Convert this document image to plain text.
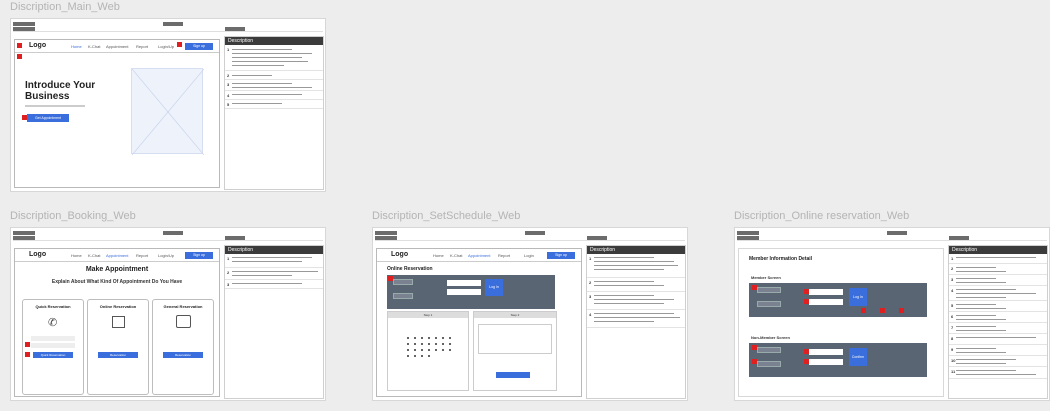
Discription_Main_Web
Logo	Home K-Chat Appointment Report Login/Up	Sign up
Introduce Your Business
Get Appointment
Description
1
2
3
4
5
Discription_Booking_Web
Logo	Home K-Chat Appointment Report Login/Up	Sign up
Make Appointment
Explain About What Kind Of Appointment Do You Have
Quick Reservation
✆
Quick Reservation
Online Reservation
Reservation
General Reservation
Reservation
Description
1
2
3
Discription_SetSchedule_Web
Logo	Home K-Chat Appointment Report	Login	Sign up
Online Reservation
Log In
Step 1	Step 2
Description
1
2
3
4
Discription_Online reservation_Web
Member Information Detail
Member Screen
Log In
Non-Member Screen
Confirm
Description
1
2
3
4
5
6
7
8
9
10
11
